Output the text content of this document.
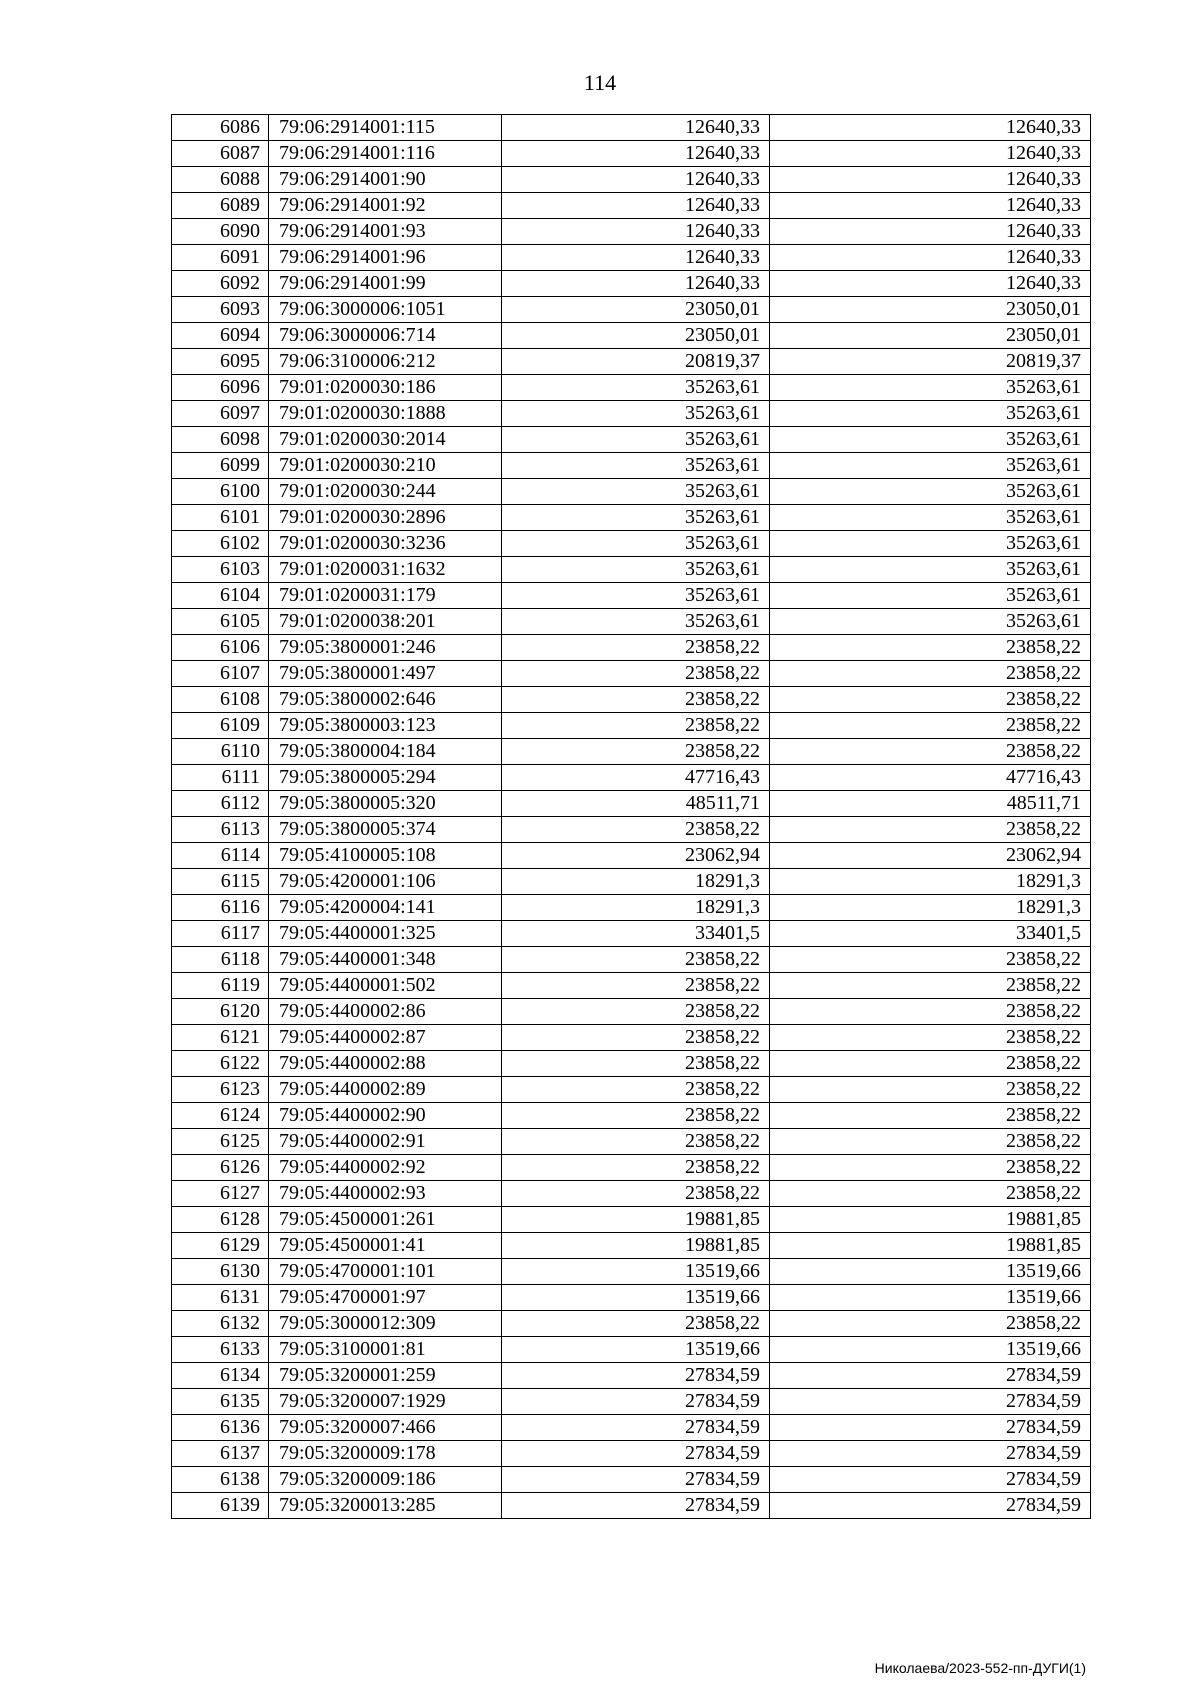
114
6086	79:06:2914001:115	12640,33	12640,33
6087	79:06:2914001:116	12640,33	12640,33
6088	79:06:2914001:90	12640,33	12640,33
6089	79:06:2914001:92	12640,33	12640,33
6090	79:06:2914001:93	12640,33	12640,33
6091	79:06:2914001:96	12640,33	12640,33
6092	79:06:2914001:99	12640,33	12640,33
6093	79:06:3000006:1051	23050,01	23050,01
6094	79:06:3000006:714	23050,01	23050,01
6095	79:06:3100006:212	20819,37	20819,37
6096	79:01:0200030:186	35263,61	35263,61
6097	79:01:0200030:1888	35263,61	35263,61
6098	79:01:0200030:2014	35263,61	35263,61
6099	79:01:0200030:210	35263,61	35263,61
6100	79:01:0200030:244	35263,61	35263,61
6101	79:01:0200030:2896	35263,61	35263,61
6102	79:01:0200030:3236	35263,61	35263,61
6103	79:01:0200031:1632	35263,61	35263,61
6104	79:01:0200031:179	35263,61	35263,61
6105	79:01:0200038:201	35263,61	35263,61
6106	79:05:3800001:246	23858,22	23858,22
6107	79:05:3800001:497	23858,22	23858,22
6108	79:05:3800002:646	23858,22	23858,22
6109	79:05:3800003:123	23858,22	23858,22
6110	79:05:3800004:184	23858,22	23858,22
6111	79:05:3800005:294	47716,43	47716,43
6112	79:05:3800005:320	48511,71	48511,71
6113	79:05:3800005:374	23858,22	23858,22
6114	79:05:4100005:108	23062,94	23062,94
6115	79:05:4200001:106	18291,3	18291,3
6116	79:05:4200004:141	18291,3	18291,3
6117	79:05:4400001:325	33401,5	33401,5
6118	79:05:4400001:348	23858,22	23858,22
6119	79:05:4400001:502	23858,22	23858,22
6120	79:05:4400002:86	23858,22	23858,22
6121	79:05:4400002:87	23858,22	23858,22
6122	79:05:4400002:88	23858,22	23858,22
6123	79:05:4400002:89	23858,22	23858,22
6124	79:05:4400002:90	23858,22	23858,22
6125	79:05:4400002:91	23858,22	23858,22
6126	79:05:4400002:92	23858,22	23858,22
6127	79:05:4400002:93	23858,22	23858,22
6128	79:05:4500001:261	19881,85	19881,85
6129	79:05:4500001:41	19881,85	19881,85
6130	79:05:4700001:101	13519,66	13519,66
6131	79:05:4700001:97	13519,66	13519,66
6132	79:05:3000012:309	23858,22	23858,22
6133	79:05:3100001:81	13519,66	13519,66
6134	79:05:3200001:259	27834,59	27834,59
6135	79:05:3200007:1929	27834,59	27834,59
6136	79:05:3200007:466	27834,59	27834,59
6137	79:05:3200009:178	27834,59	27834,59
6138	79:05:3200009:186	27834,59	27834,59
6139	79:05:3200013:285	27834,59	27834,59
Николаева/2023-552-пп-ДУГИ(1)
